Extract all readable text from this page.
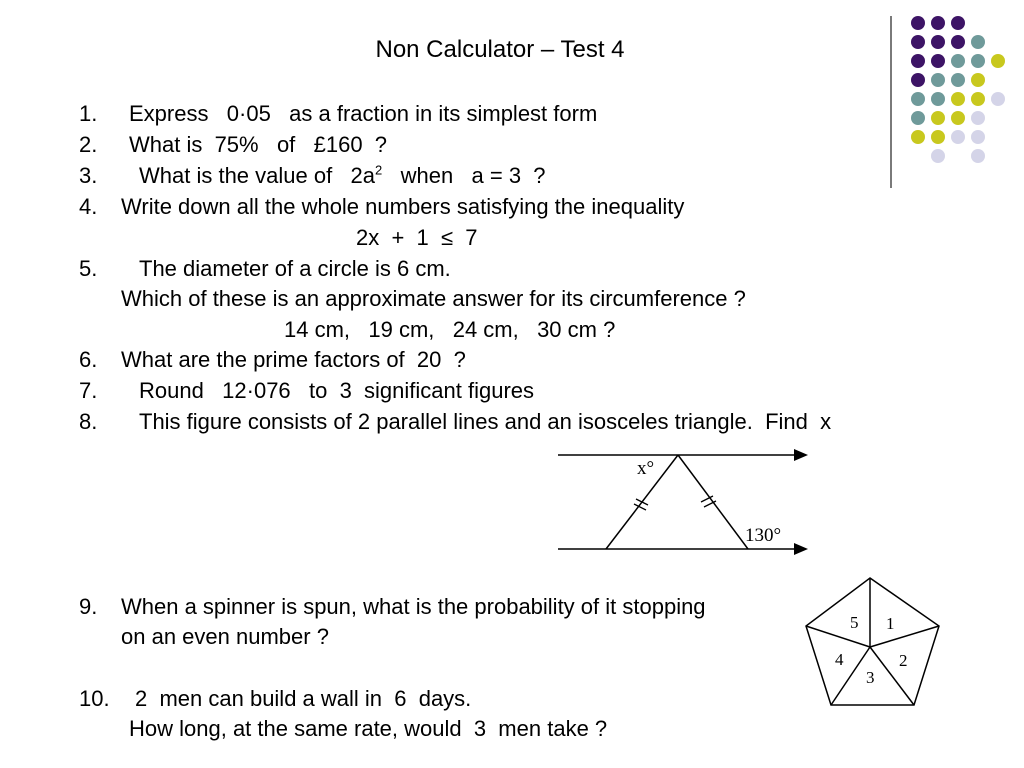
Non Calculator – Test 4
1. Express   0·05   as a fraction in its simplest form
2. What is  75%   of   £160  ?
3. What is the value of   $2a^2$   when   a = 3  ?
4. Write down all the whole numbers satisfying the inequality
2x  +  1  ≤  7
5. The diameter of a circle is 6 cm.
Which of these is an approximate answer for its circumference ?
14 cm,   19 cm,   24 cm,   30 cm ?
6. What are the prime factors of  20  ?
7. Round   12·076   to  3  significant figures
8. This figure consists of 2 parallel lines and an isosceles triangle.  Find  x
x°
130°
9. When a spinner is spun, what is the probability of it stopping
on an even number ?
1
2
3
4
5
10. 2  men can build a wall in  6  days.
How long, at the same rate, would  3  men take ?
